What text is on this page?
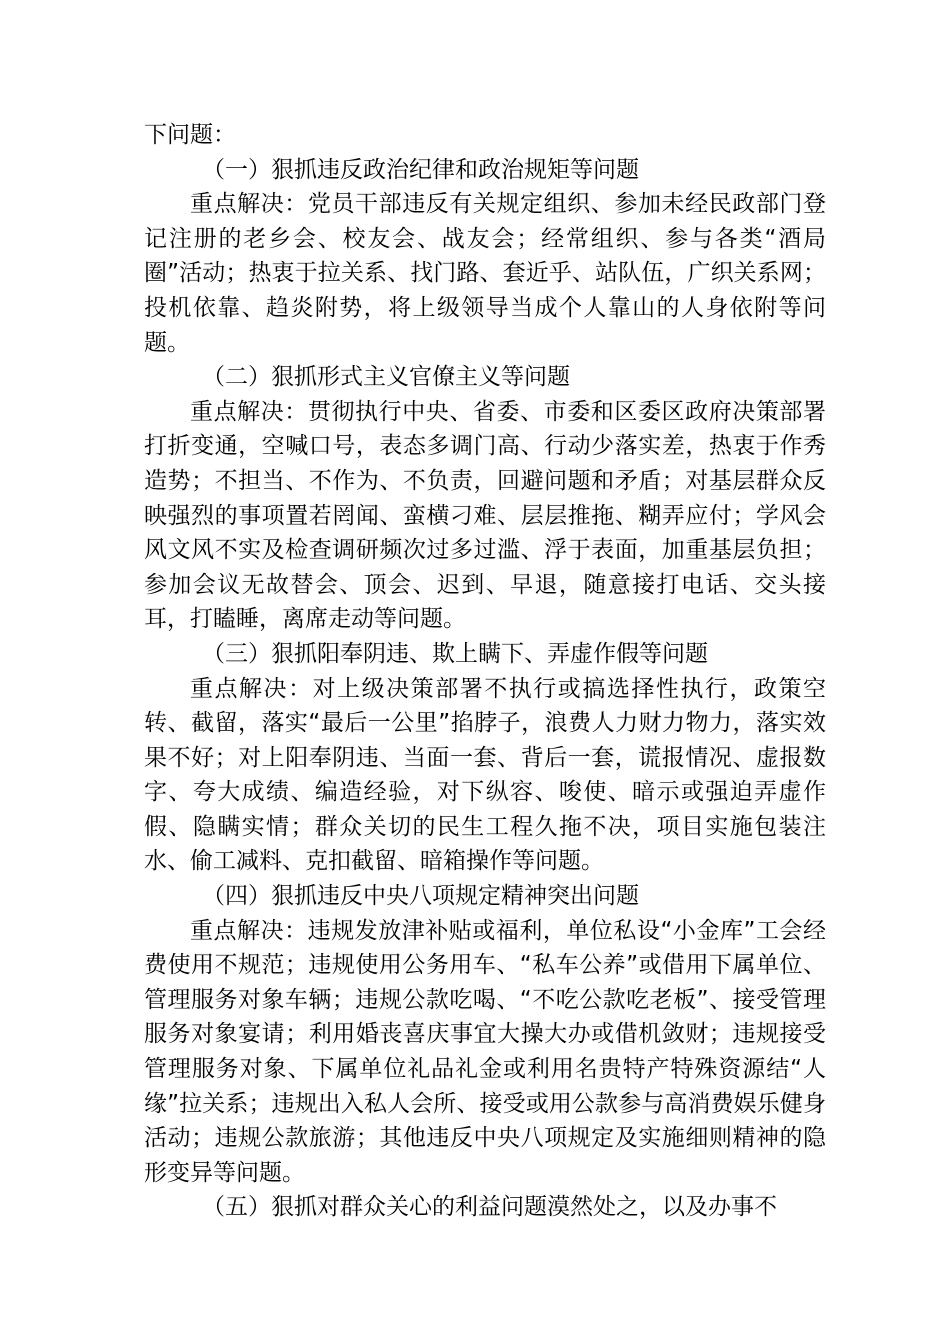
下问题：

（一）狠抓违反政治纪律和政治规矩等问题

重点解决：党员干部违反有关规定组织、参加未经民政部门登记注册的老乡会、校友会、战友会；经常组织、参与各类“酒局圈”活动；热衷于拉关系、找门路、套近乎、站队伍，广织关系网；投机依靠、趋炎附势，将上级领导当成个人靠山的人身依附等问题。

（二）狠抓形式主义官僚主义等问题

重点解决：贯彻执行中央、省委、市委和区委区政府决策部署打折变通，空喊口号，表态多调门高、行动少落实差，热衷于作秀造势；不担当、不作为、不负责，回避问题和矛盾；对基层群众反映强烈的事项置若罔闻、蛮横刁难、层层推拖、糊弄应付；学风会风文风不实及检查调研频次过多过滥、浮于表面，加重基层负担；参加会议无故替会、顶会、迟到、早退，随意接打电话、交头接耳，打瞌睡，离席走动等问题。

（三）狠抓阳奉阴违、欺上瞒下、弄虚作假等问题

重点解决：对上级决策部署不执行或搞选择性执行，政策空转、截留，落实“最后一公里”掐脖子，浪费人力财力物力，落实效果不好；对上阳奉阴违、当面一套、背后一套，谎报情况、虚报数字、夸大成绩、编造经验，对下纵容、唆使、暗示或强迫弄虚作假、隐瞒实情；群众关切的民生工程久拖不决，项目实施包装注水、偷工减料、克扣截留、暗箱操作等问题。

（四）狠抓违反中央八项规定精神突出问题

重点解决：违规发放津补贴或福利，单位私设“小金库”工会经费使用不规范；违规使用公务用车、“私车公养”或借用下属单位、管理服务对象车辆；违规公款吃喝、“不吃公款吃老板”、接受管理服务对象宴请；利用婚丧喜庆事宜大操大办或借机敛财；违规接受管理服务对象、下属单位礼品礼金或利用名贵特产特殊资源结“人缘”拉关系；违规出入私人会所、接受或用公款参与高消费娱乐健身活动；违规公款旅游；其他违反中央八项规定及实施细则精神的隐形变异等问题。

（五）狠抓对群众关心的利益问题漠然处之，以及办事不
